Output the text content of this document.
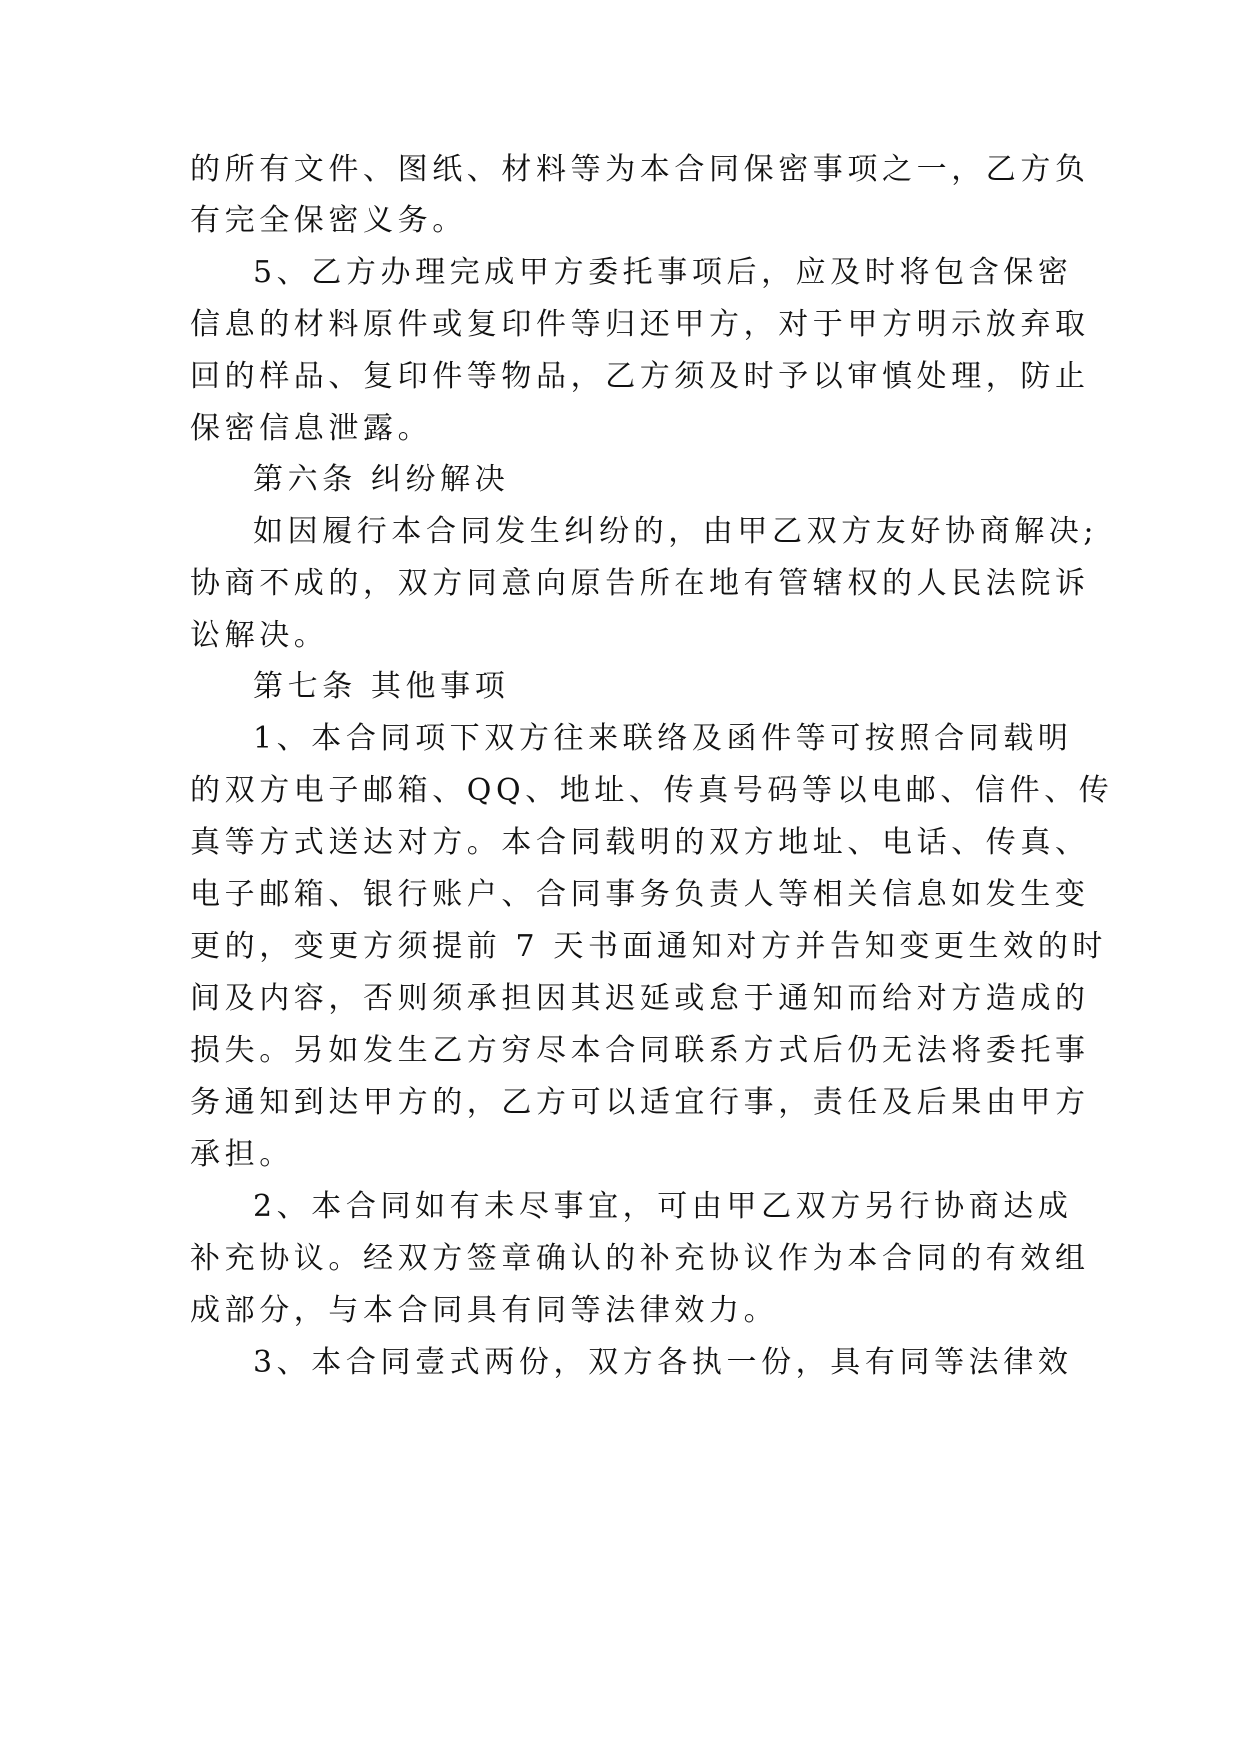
的所有文件、图纸、材料等为本合同保密事项之一，乙方负
有完全保密义务。
5、乙方办理完成甲方委托事项后，应及时将包含保密
信息的材料原件或复印件等归还甲方，对于甲方明示放弃取
回的样品、复印件等物品，乙方须及时予以审慎处理，防止
保密信息泄露。
第六条 纠纷解决
如因履行本合同发生纠纷的，由甲乙双方友好协商解决;
协商不成的，双方同意向原告所在地有管辖权的人民法院诉
讼解决。
第七条 其他事项
1、本合同项下双方往来联络及函件等可按照合同载明
的双方电子邮箱、QQ、地址、传真号码等以电邮、信件、传
真等方式送达对方。本合同载明的双方地址、电话、传真、
电子邮箱、银行账户、合同事务负责人等相关信息如发生变
更的，变更方须提前 7 天书面通知对方并告知变更生效的时
间及内容，否则须承担因其迟延或怠于通知而给对方造成的
损失。另如发生乙方穷尽本合同联系方式后仍无法将委托事
务通知到达甲方的，乙方可以适宜行事，责任及后果由甲方
承担。
2、本合同如有未尽事宜，可由甲乙双方另行协商达成
补充协议。经双方签章确认的补充协议作为本合同的有效组
成部分，与本合同具有同等法律效力。
3、本合同壹式两份，双方各执一份，具有同等法律效
